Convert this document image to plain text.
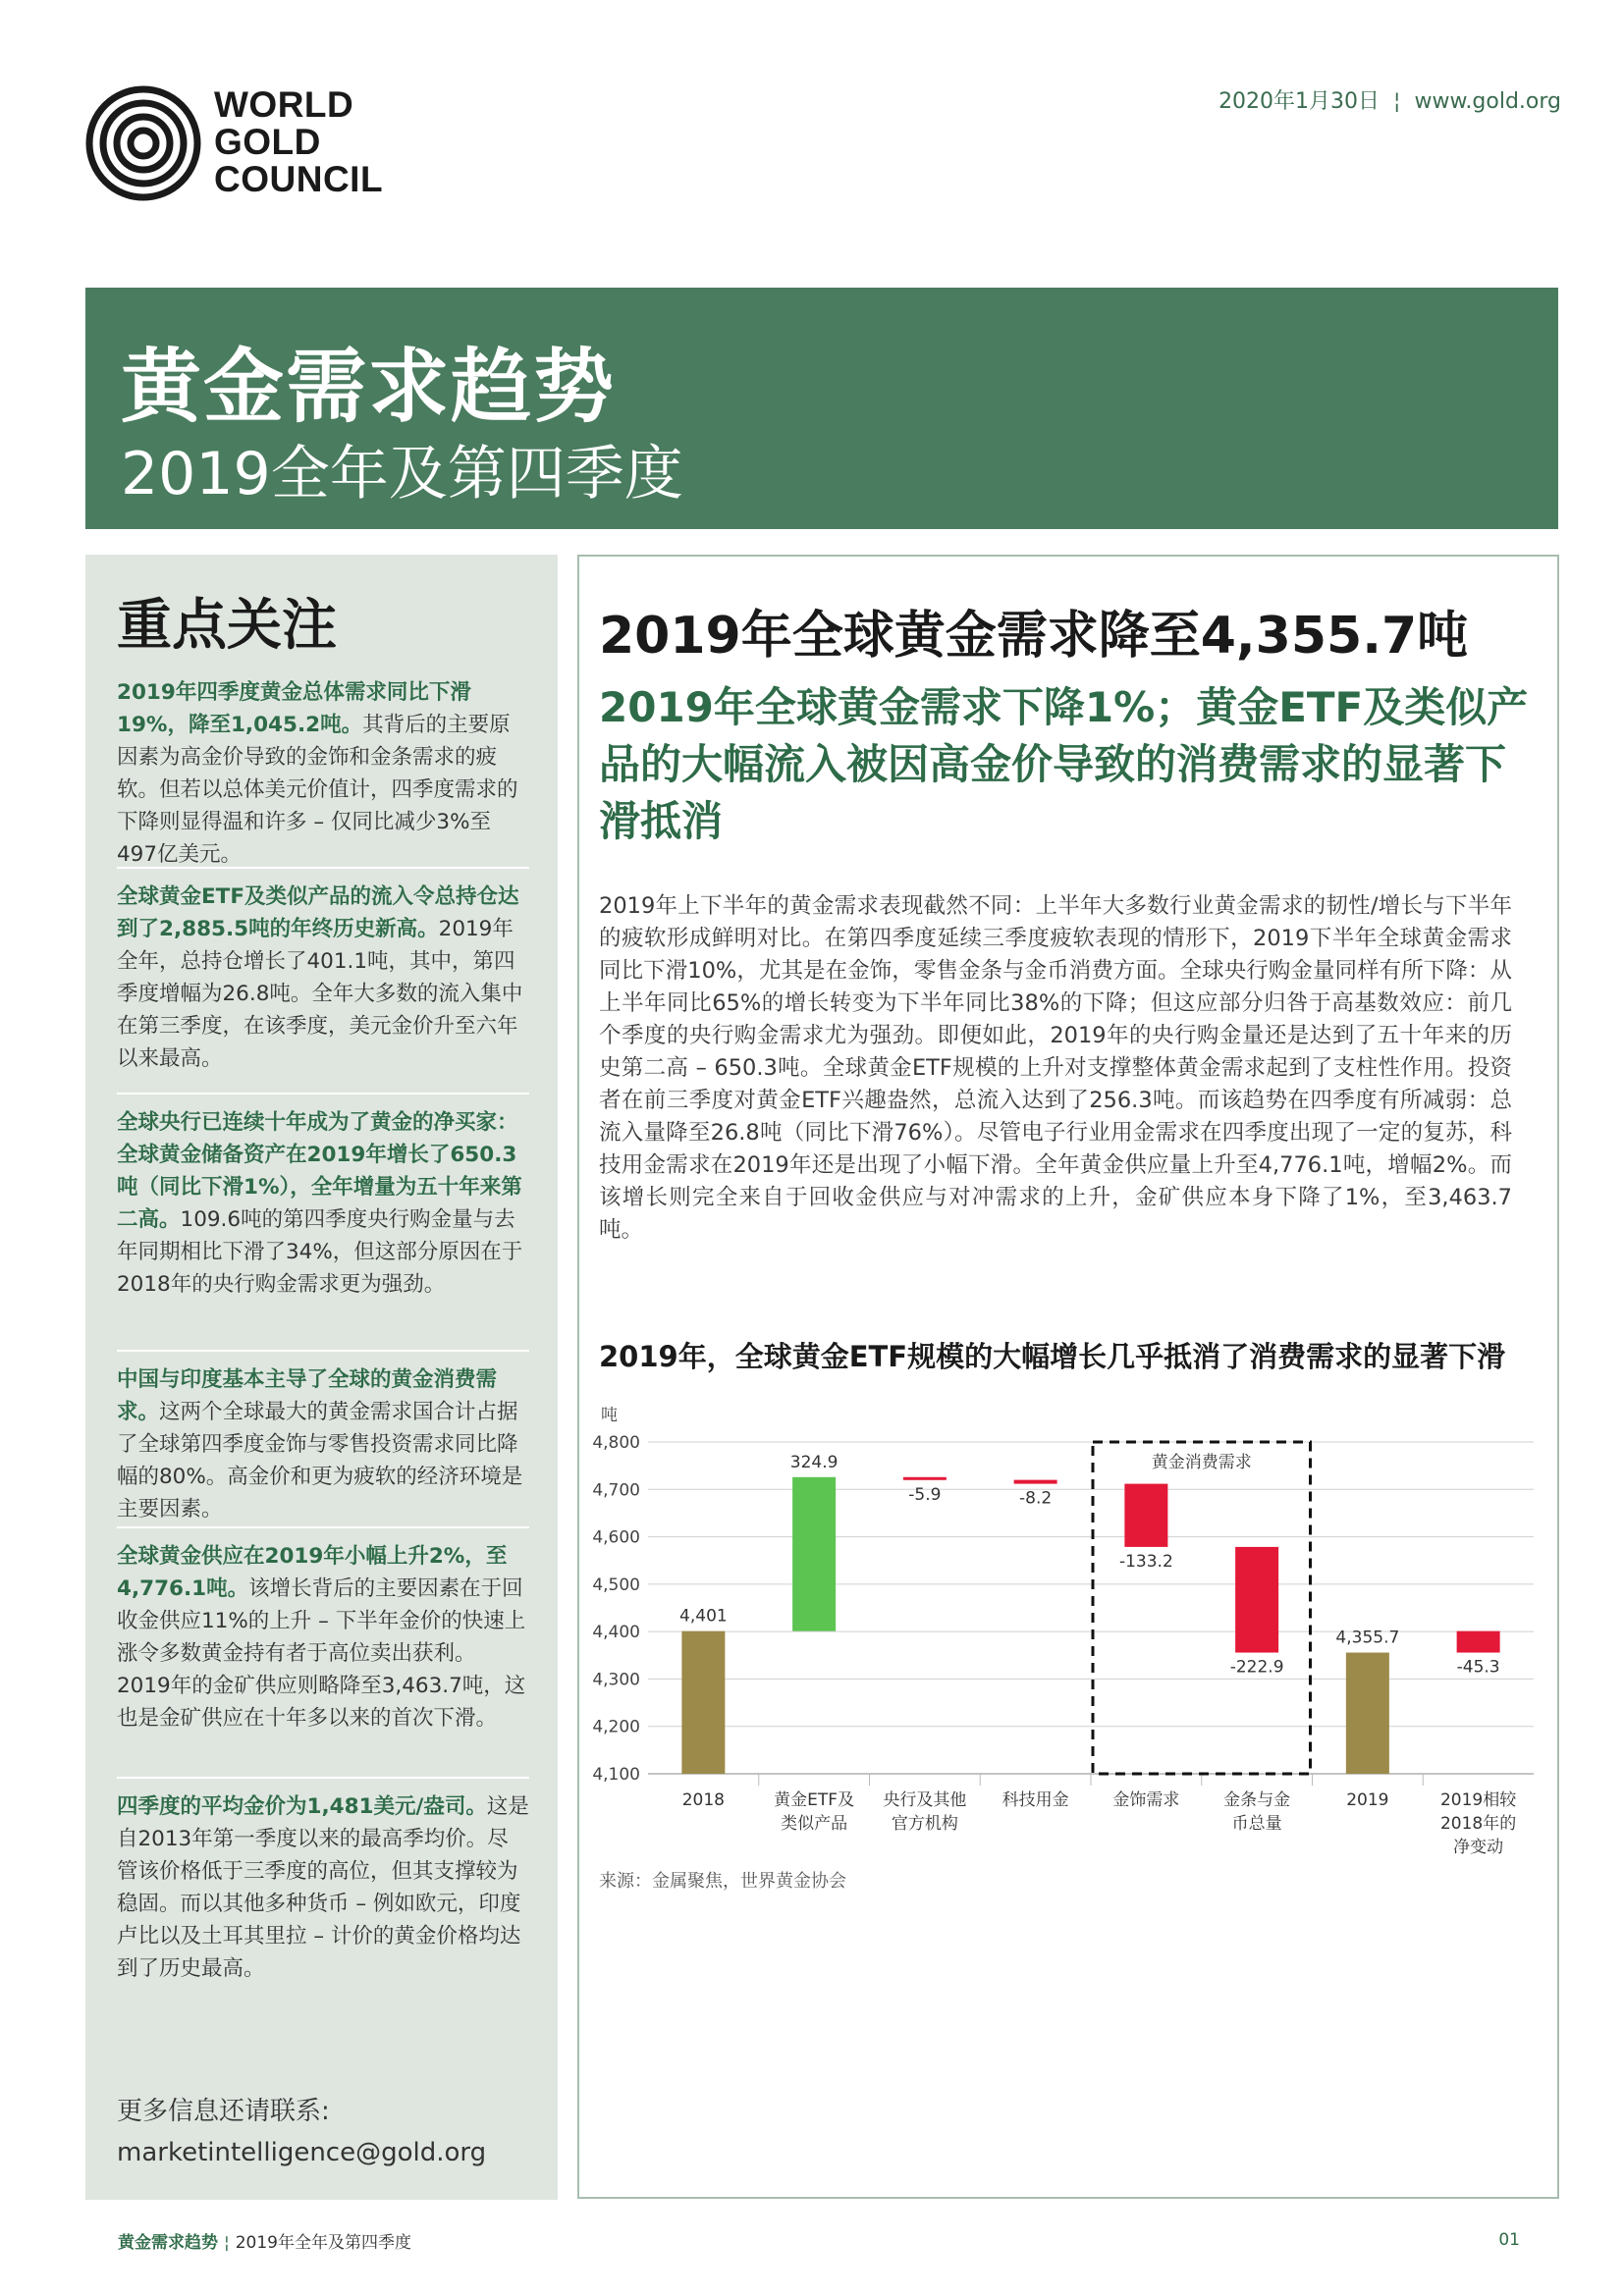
WORLD
GOLD
COUNCIL
2020年1月30日 ¦ www.gold.org
黄金需求趋势
2019全年及第四季度
重点关注
2019年四季度黄金总体需求同比下滑19%，降至1,045.2吨。其背后的主要原因素为高金价导致的金饰和金条需求的疲软。但若以总体美元价值计，四季度需求的下降则显得温和许多 – 仅同比减少3%至497亿美元。
全球黄金ETF及类似产品的流入令总持仓达到了2,885.5吨的年终历史新高。2019年全年，总持仓增长了401.1吨，其中，第四季度增幅为26.8吨。全年大多数的流入集中在第三季度，在该季度，美元金价升至六年以来最高。
全球央行已连续十年成为了黄金的净买家：全球黄金储备资产在2019年增长了650.3吨（同比下滑1%），全年增量为五十年来第二高。109.6吨的第四季度央行购金量与去年同期相比下滑了34%，但这部分原因在于2018年的央行购金需求更为强劲。
中国与印度基本主导了全球的黄金消费需求。这两个全球最大的黄金需求国合计占据了全球第四季度金饰与零售投资需求同比降幅的80%。高金价和更为疲软的经济环境是主要因素。
全球黄金供应在2019年小幅上升2%，至4,776.1吨。该增长背后的主要因素在于回收金供应11%的上升 – 下半年金价的快速上涨令多数黄金持有者于高位卖出获利。2019年的金矿供应则略降至3,463.7吨，这也是金矿供应在十年多以来的首次下滑。
四季度的平均金价为1,481美元/盎司。这是自2013年第一季度以来的最高季均价。尽管该价格低于三季度的高位，但其支撑较为稳固。而以其他多种货币 – 例如欧元，印度卢比以及土耳其里拉 – 计价的黄金价格均达到了历史最高。
更多信息还请联系:
marketintelligence@gold.org
2019年全球黄金需求降至4,355.7吨
2019年全球黄金需求下降1%；黄金ETF及类似产品的大幅流入被因高金价导致的消费需求的显著下滑抵消
2019年上下半年的黄金需求表现截然不同：上半年大多数行业黄金需求的韧性/增长与下半年的疲软形成鲜明对比。在第四季度延续三季度疲软表现的情形下，2019下半年全球黄金需求同比下滑10%，尤其是在金饰，零售金条与金币消费方面。全球央行购金量同样有所下降：从上半年同比65%的增长转变为下半年同比38%的下降；但这应部分归咎于高基数效应：前几个季度的央行购金需求尤为强劲。即便如此，2019年的央行购金量还是达到了五十年来的历史第二高 – 650.3吨。全球黄金ETF规模的上升对支撑整体黄金需求起到了支柱性作用。投资者在前三季度对黄金ETF兴趣盎然，总流入达到了256.3吨。而该趋势在四季度有所减弱：总流入量降至26.8吨（同比下滑76%）。尽管电子行业用金需求在四季度出现了一定的复苏，科技用金需求在2019年还是出现了小幅下滑。全年黄金供应量上升至4,776.1吨，增幅2%。而该增长则完全来自于回收金供应与对冲需求的上升，金矿供应本身下降了1%，至3,463.7吨。
2019年，全球黄金ETF规模的大幅增长几乎抵消了消费需求的显著下滑
吨
4,100
4,200
4,300
4,400
4,500
4,600
4,700
4,800
黄金消费需求
4,401
324.9
-5.9	-8.2
-133.2
-222.9
4,355.7
-45.3
2018	黄金ETF及
类似产品
央行及其他
官方机构
科技用金	金饰需求	金条与金
币总量
2019	2019相较
2018年的
净变动
来源：金属聚焦，世界黄金协会
黄金需求趋势 ¦ 2019年全年及第四季度	01
